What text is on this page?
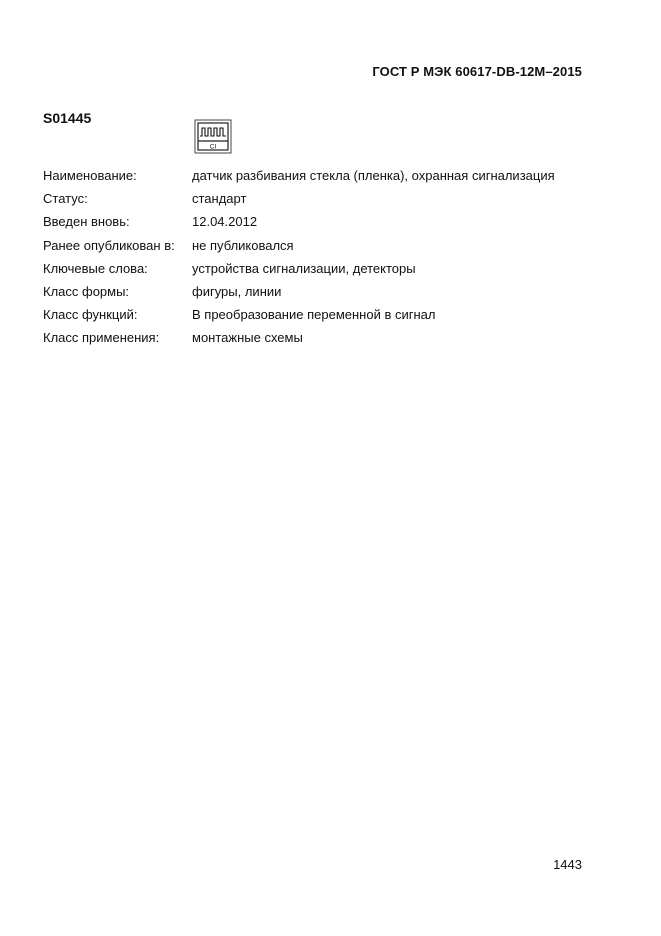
ГОСТ Р МЭК 60617-DB-12M–2015
S01445
CI
Наименование:	датчик разбивания стекла (пленка), охранная сигнализация
Статус:	стандарт
Введен вновь:	12.04.2012
Ранее опубликован в:	не публиковался
Ключевые слова:	устройства сигнализации, детекторы
Класс формы:	фигуры, линии
Класс функций:	В преобразование переменной в сигнал
Класс применения:	монтажные схемы
1443
